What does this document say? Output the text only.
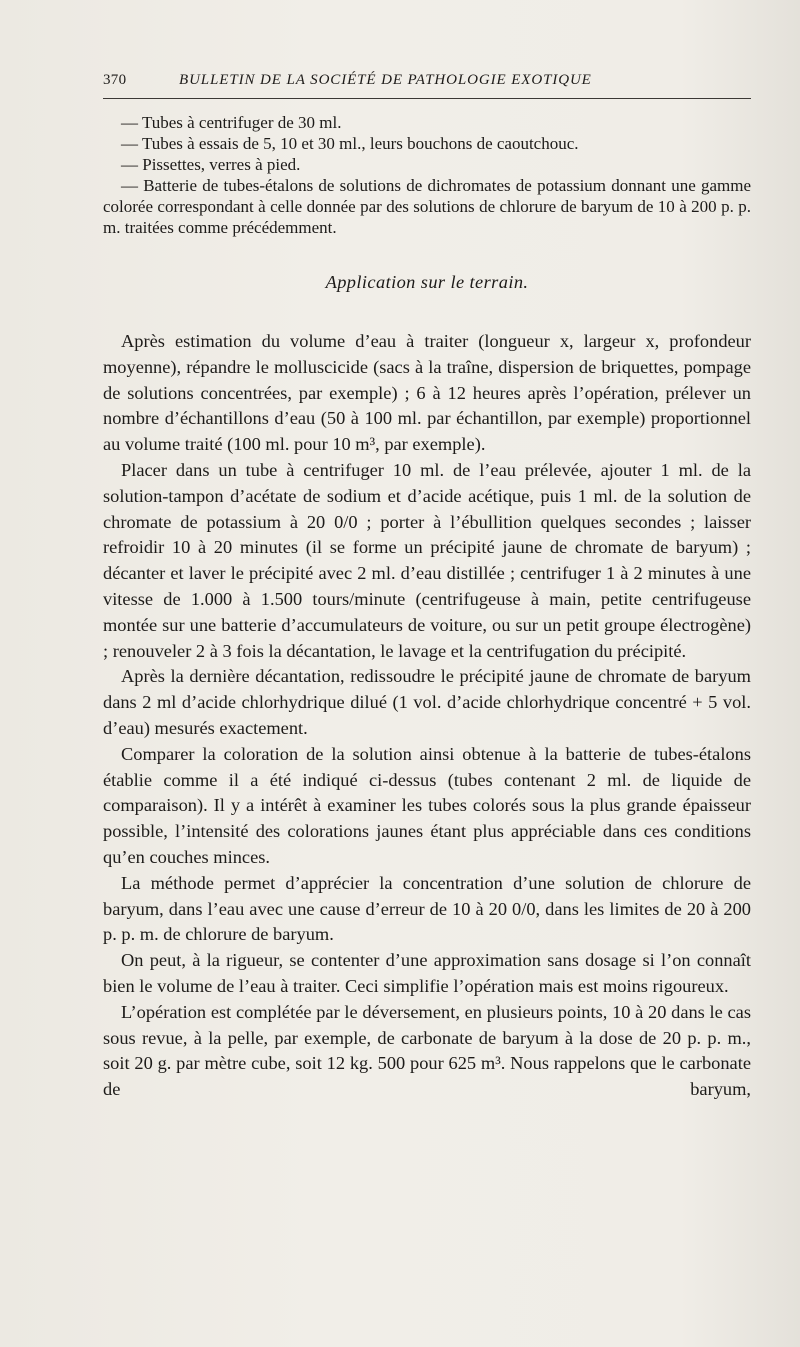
370	BULLETIN DE LA SOCIÉTÉ DE PATHOLOGIE EXOTIQUE
— Tubes à centrifuger de 30 ml.
— Tubes à essais de 5, 10 et 30 ml., leurs bouchons de caoutchouc.
— Pissettes, verres à pied.
— Batterie de tubes-étalons de solutions de dichromates de potassium donnant une gamme colorée correspondant à celle donnée par des solutions de chlorure de baryum de 10 à 200 p. p. m. traitées comme précédemment.
Application sur le terrain.

Après estimation du volume d’eau à traiter (longueur x, largeur x, profondeur moyenne), répandre le molluscicide (sacs à la traîne, dispersion de briquettes, pompage de solutions concentrées, par exemple) ; 6 à 12 heures après l’opération, prélever un nombre d’échantillons d’eau (50 à 100 ml. par échantillon, par exemple) proportionnel au volume traité (100 ml. pour 10 m³, par exemple).

Placer dans un tube à centrifuger 10 ml. de l’eau prélevée, ajouter 1 ml. de la solution-tampon d’acétate de sodium et d’acide acétique, puis 1 ml. de la solution de chromate de potassium à 20 0/0 ; porter à l’ébullition quelques secondes ; laisser refroidir 10 à 20 minutes (il se forme un précipité jaune de chromate de baryum) ; décanter et laver le précipité avec 2 ml. d’eau distillée ; centrifuger 1 à 2 minutes à une vitesse de 1.000 à 1.500 tours/minute (centrifugeuse à main, petite centrifugeuse montée sur une batterie d’accumulateurs de voiture, ou sur un petit groupe électrogène) ; renouveler 2 à 3 fois la décantation, le lavage et la centrifugation du précipité.

Après la dernière décantation, redissoudre le précipité jaune de chromate de baryum dans 2 ml d’acide chlorhydrique dilué (1 vol. d’acide chlorhydrique concentré + 5 vol. d’eau) mesurés exactement.

Comparer la coloration de la solution ainsi obtenue à la batterie de tubes-étalons établie comme il a été indiqué ci-dessus (tubes contenant 2 ml. de liquide de comparaison). Il y a intérêt à examiner les tubes colorés sous la plus grande épaisseur possible, l’intensité des colorations jaunes étant plus appréciable dans ces conditions qu’en couches minces.

La méthode permet d’apprécier la concentration d’une solution de chlorure de baryum, dans l’eau avec une cause d’erreur de 10 à 20 0/0, dans les limites de 20 à 200 p. p. m. de chlorure de baryum.

On peut, à la rigueur, se contenter d’une approximation sans dosage si l’on connaît bien le volume de l’eau à traiter. Ceci simplifie l’opération mais est moins rigoureux.

L’opération est complétée par le déversement, en plusieurs points, 10 à 20 dans le cas sous revue, à la pelle, par exemple, de carbonate de baryum à la dose de 20 p. p. m., soit 20 g. par mètre cube, soit 12 kg. 500 pour 625 m³. Nous rappelons que le carbonate de baryum,
